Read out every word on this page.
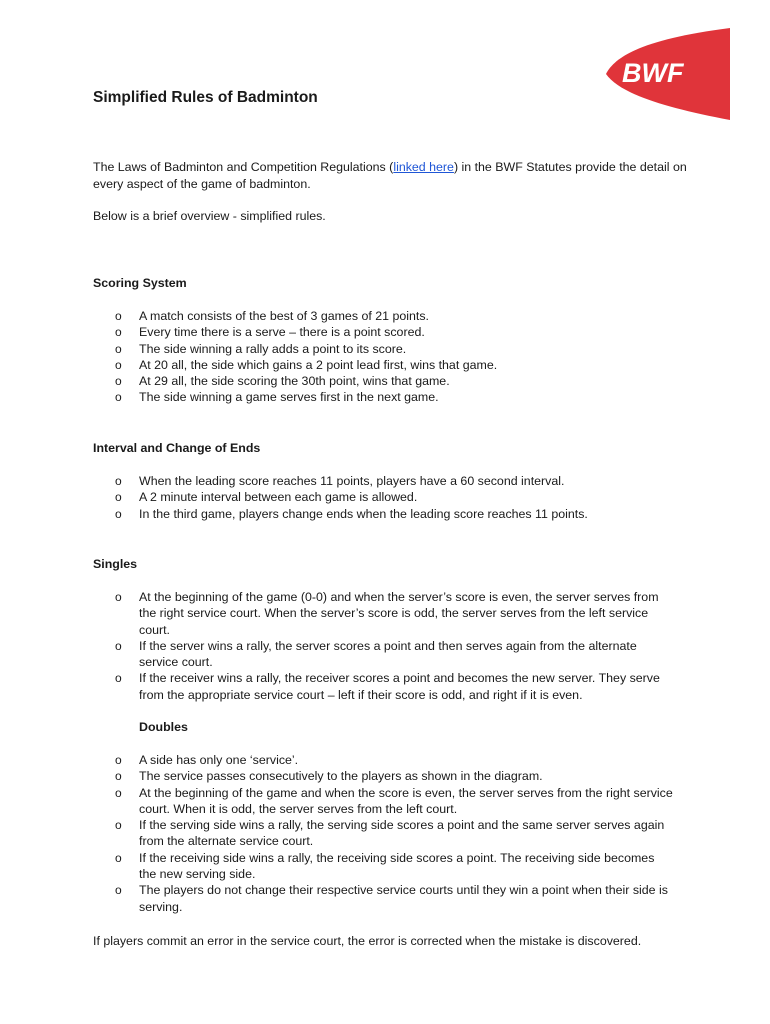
BWF
Simplified Rules of Badminton

The Laws of Badminton and Competition Regulations (linked here) in the BWF Statutes provide the detail on every aspect of the game of badminton.

Below is a brief overview - simplified rules.

Scoring System

o A match consists of the best of 3 games of 21 points.
o Every time there is a serve – there is a point scored.
o The side winning a rally adds a point to its score.
o At 20 all, the side which gains a 2 point lead first, wins that game.
o At 29 all, the side scoring the 30th point, wins that game.
o The side winning a game serves first in the next game.

Interval and Change of Ends

o When the leading score reaches 11 points, players have a 60 second interval.
o A 2 minute interval between each game is allowed.
o In the third game, players change ends when the leading score reaches 11 points.

Singles

o At the beginning of the game (0-0) and when the server’s score is even, the server serves from the right service court. When the server’s score is odd, the server serves from the left service court.
o If the server wins a rally, the server scores a point and then serves again from the alternate service court.
o If the receiver wins a rally, the receiver scores a point and becomes the new server. They serve from the appropriate service court – left if their score is odd, and right if it is even.

Doubles

o A side has only one ‘service’.
o The service passes consecutively to the players as shown in the diagram.
o At the beginning of the game and when the score is even, the server serves from the right service court. When it is odd, the server serves from the left court.
o If the serving side wins a rally, the serving side scores a point and the same server serves again from the alternate service court.
o If the receiving side wins a rally, the receiving side scores a point. The receiving side becomes the new serving side.
o The players do not change their respective service courts until they win a point when their side is serving.

If players commit an error in the service court, the error is corrected when the mistake is discovered.
